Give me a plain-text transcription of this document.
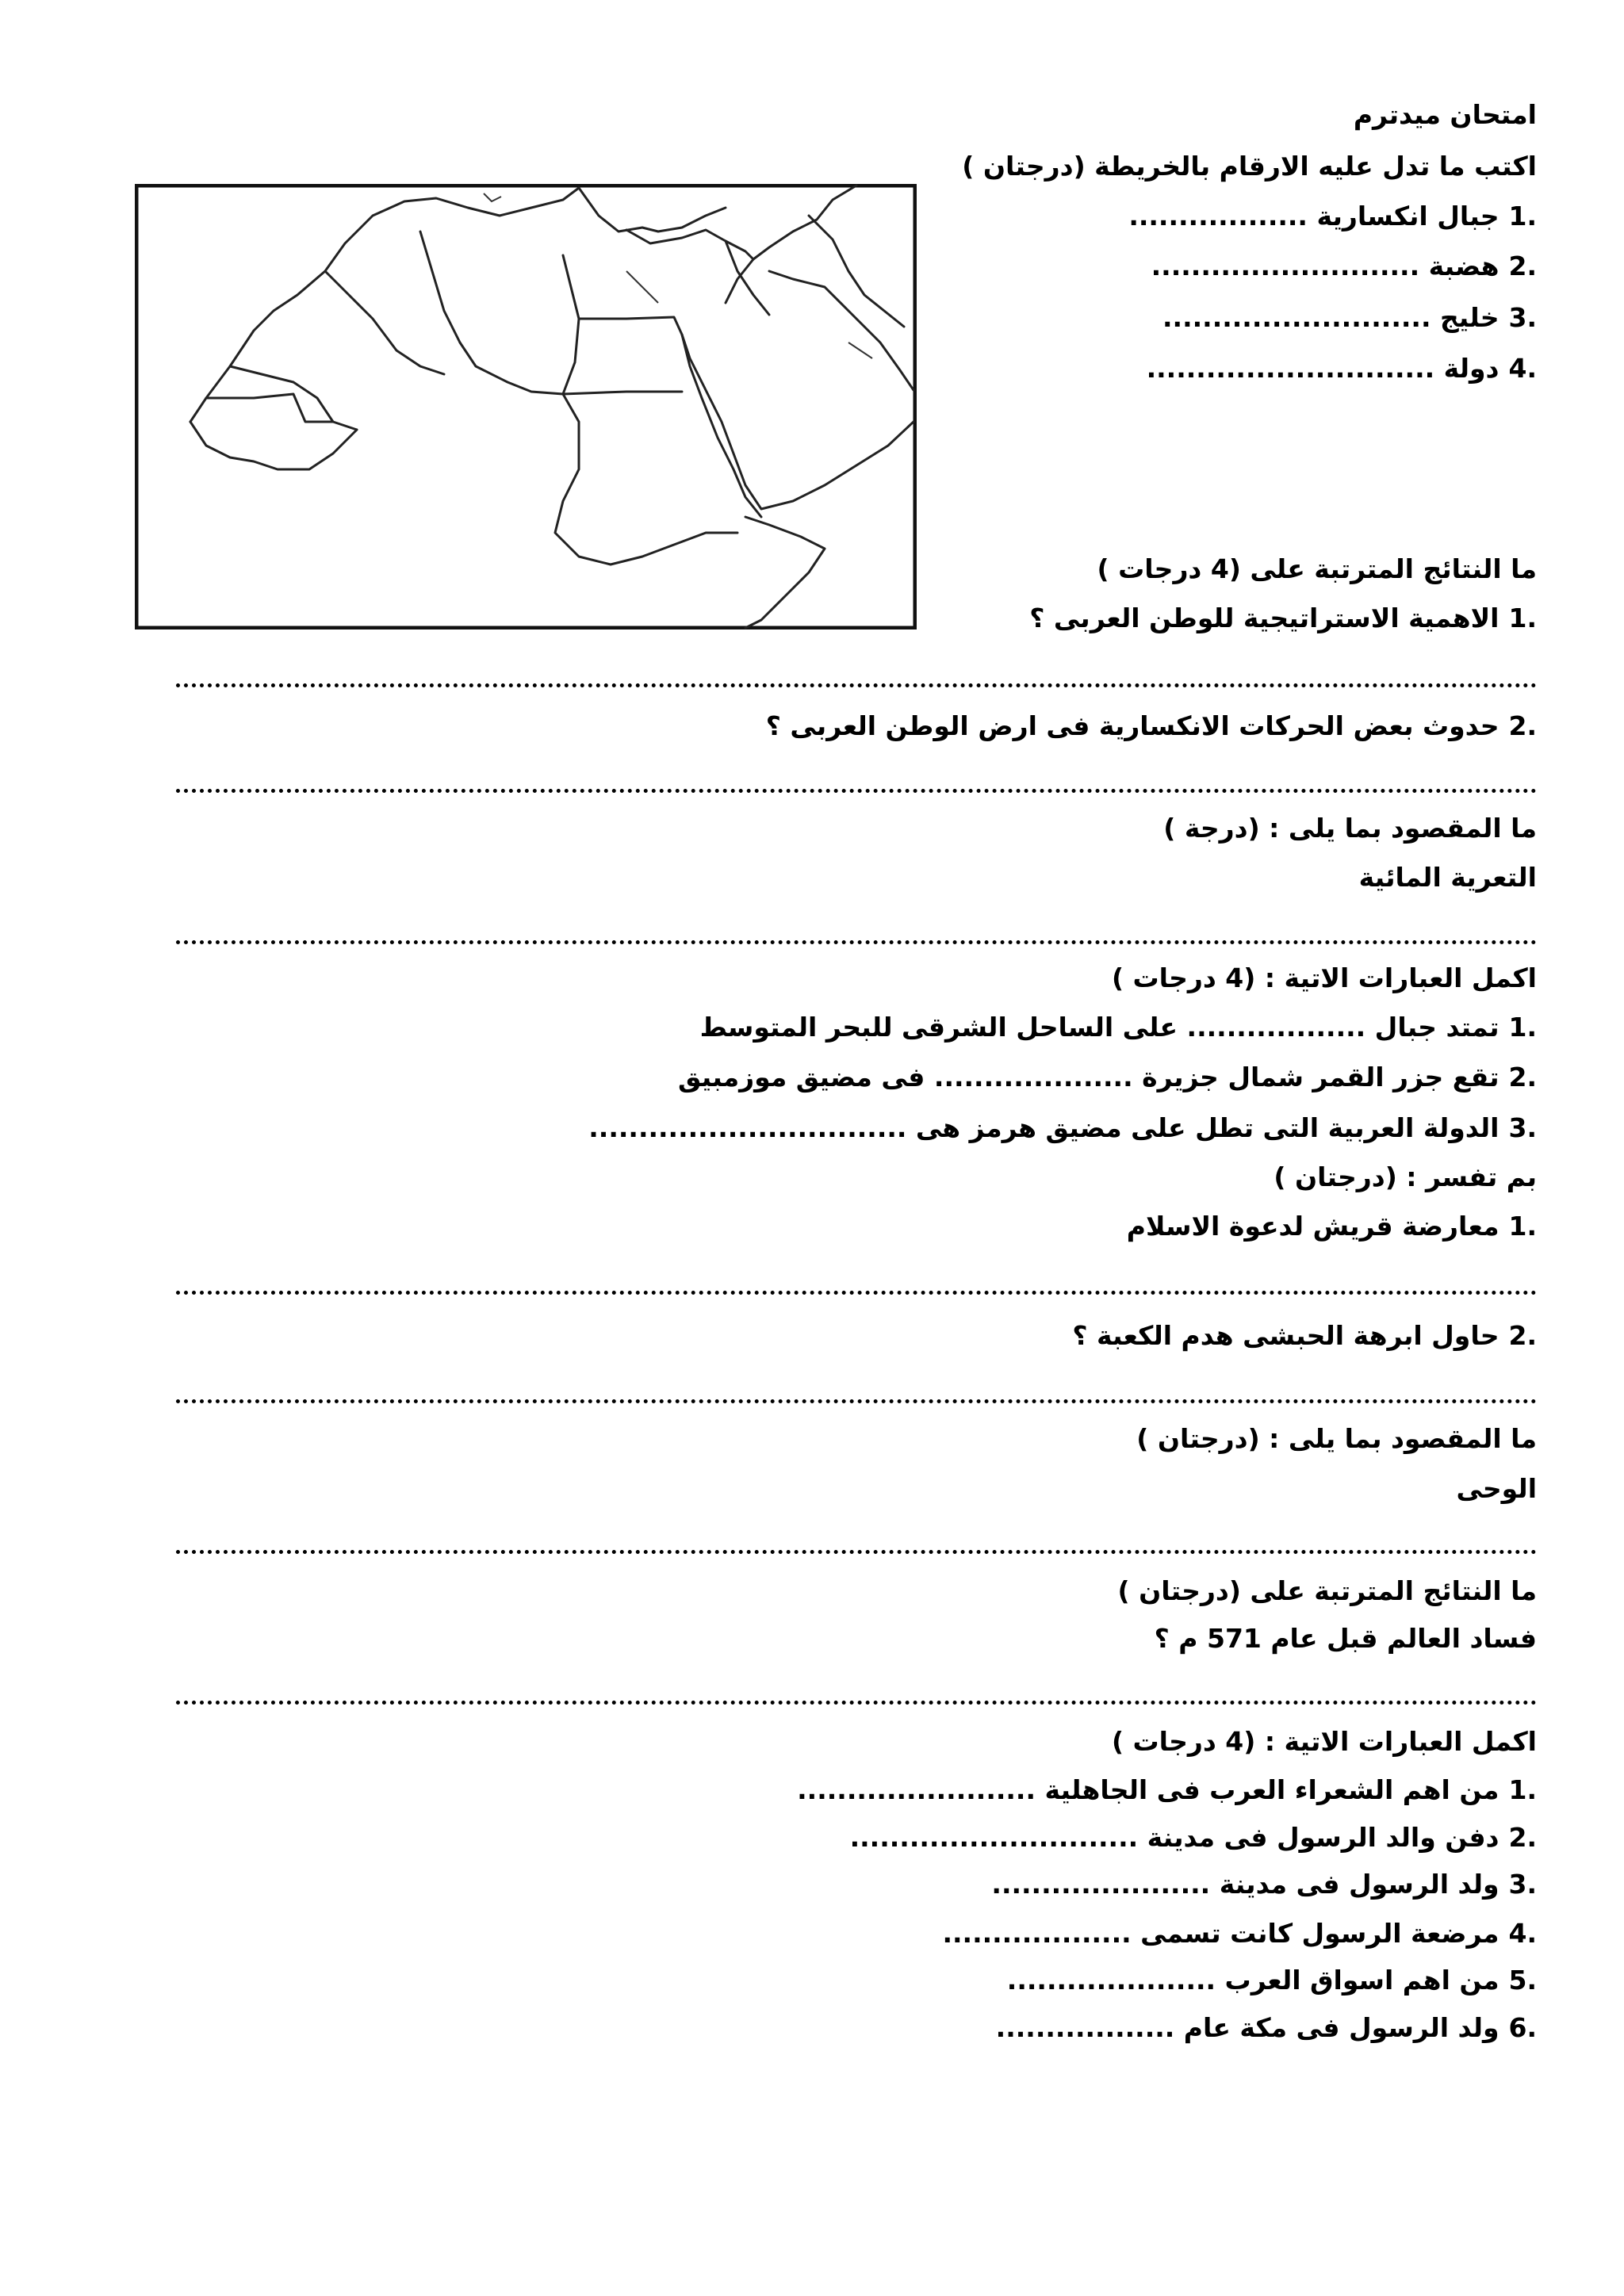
امتحان ميدترم

اكتب ما تدل عليه الارقام بالخريطة (درجتان )

1.جبال انكسارية ..................

2.هضبة ...........................

3.خليج ...........................

4.دولة .............................

ما النتائج المترتبة على (4 درجات )

1.الاهمية الاستراتيجية للوطن العربى ؟

2.حدوث بعض الحركات الانكسارية فى ارض الوطن العربى ؟

ما المقصود بما يلى : (درجة )

التعرية المائية

اكمل العبارات الاتية : (4 درجات )

1.تمتد جبال .................. على الساحل الشرقى للبحر المتوسط

2.تقع جزر القمر شمال جزيرة .................... فى مضيق موزمبيق

3.الدولة العربية التى تطل على مضيق هرمز هى ................................

بم تفسر : (درجتان )

1.معارضة قريش لدعوة الاسلام

2.حاول ابرهة الحبشى هدم الكعبة ؟

ما المقصود بما يلى : (درجتان )

الوحى

ما النتائج المترتبة على (درجتان )

فساد العالم قبل عام 571 م ؟

اكمل العبارات الاتية : (4 درجات )

1.من اهم الشعراء العرب فى الجاهلية ........................

2.دفن والد الرسول فى مدينة .............................

3.ولد الرسول فى مدينة ......................

4.مرضعة الرسول كانت تسمى ...................

5.من اهم اسواق العرب .....................

6.ولد الرسول فى مكة عام ..................
